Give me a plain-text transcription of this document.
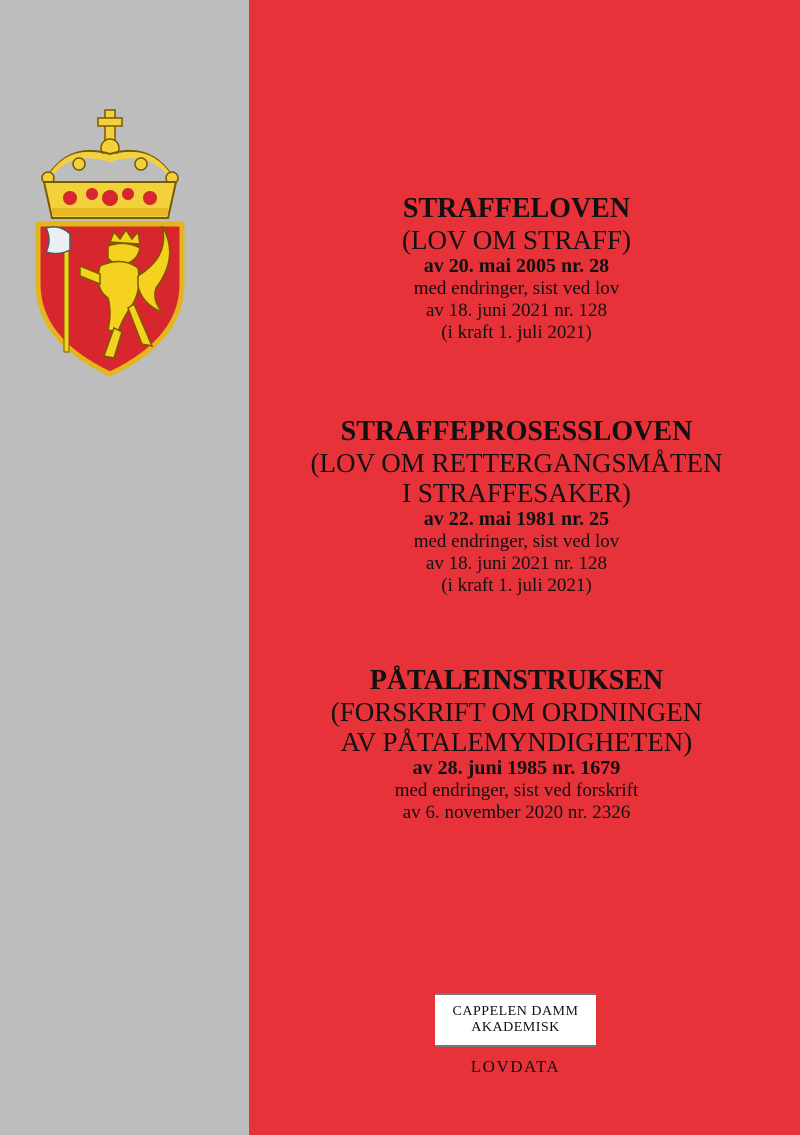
STRAFFELOVEN
(LOV OM STRAFF)
av 20. mai 2005 nr. 28
med endringer, sist ved lov
av 18. juni 2021 nr. 128
(i kraft 1. juli 2021)
STRAFFEPROSESSLOVEN
(LOV OM RETTERGANGSMÅTEN
I STRAFFESAKER)
av 22. mai 1981 nr. 25
med endringer, sist ved lov
av 18. juni 2021 nr. 128
(i kraft 1. juli 2021)
PÅTALEINSTRUKSEN
(FORSKRIFT OM ORDNINGEN
AV PÅTALEMYNDIGHETEN)
av 28. juni 1985 nr. 1679
med endringer, sist ved forskrift
av 6. november 2020 nr. 2326
CAPPELEN DAMM
AKADEMISK
LOVDATA
